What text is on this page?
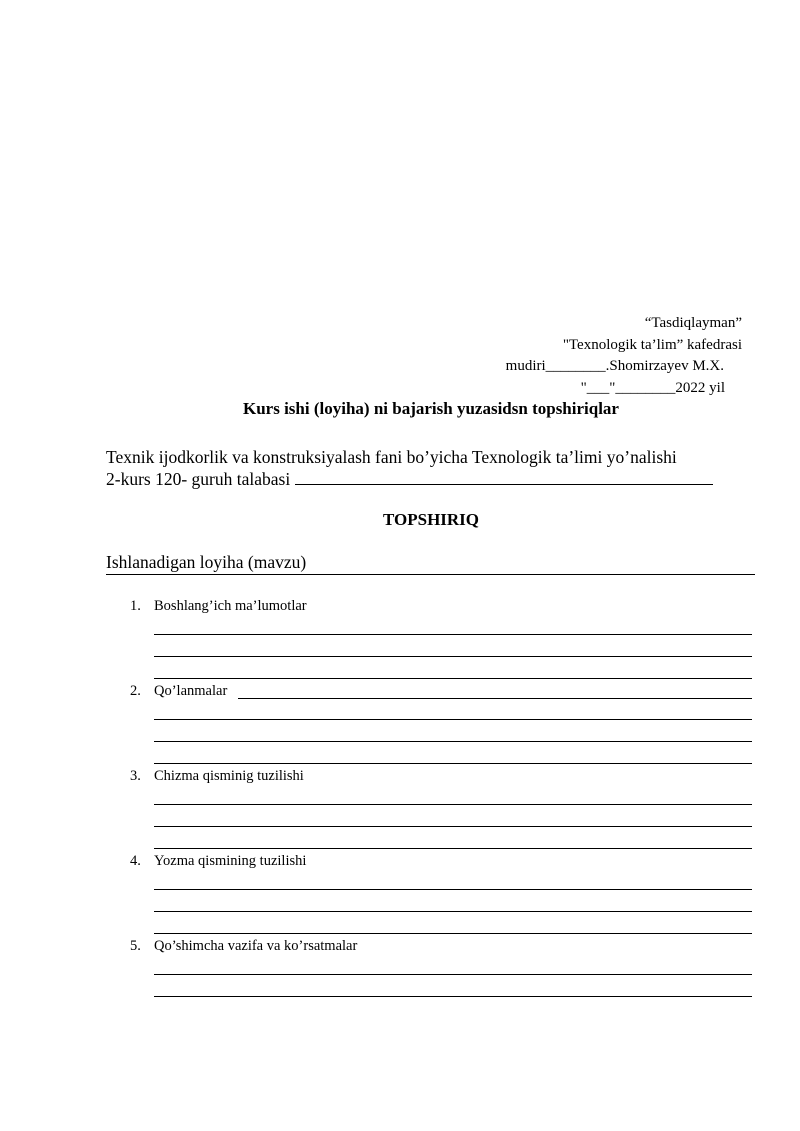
“Tasdiqlayman”
"Texnologik ta’lim” kafedrasi
mudiri________.Shomirzayev M.X.
"___"________2022 yil
Kurs ishi (loyiha) ni bajarish yuzasidsn topshiriqlar
Texnik ijodkorlik va konstruksiyalash fani bo’yicha Texnologik ta’limi yo’nalishi
2-kurs 120- guruh talabasi
TOPSHIRIQ
Ishlanadigan loyiha (mavzu)
1. Boshlang’ich ma’lumotlar
2. Qo’lanmalar
3. Chizma qisminig tuzilishi
4. Yozma qismining tuzilishi
5. Qo’shimcha vazifa va ko’rsatmalar
